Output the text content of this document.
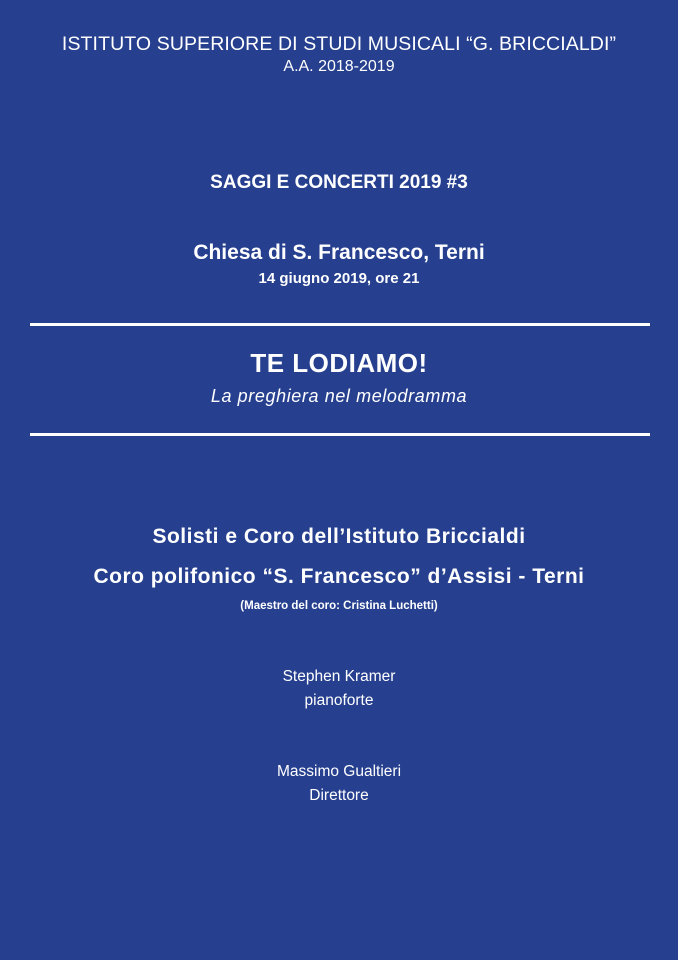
ISTITUTO SUPERIORE DI STUDI MUSICALI “G. BRICCIALDI”
A.A. 2018-2019
SAGGI E CONCERTI 2019 #3
Chiesa di S. Francesco, Terni
14 giugno 2019, ore 21
TE LODIAMO!
La preghiera nel melodramma
Solisti e Coro dell’Istituto Briccialdi
Coro polifonico “S. Francesco” d’Assisi - Terni
(Maestro del coro: Cristina Luchetti)
Stephen Kramer
pianoforte
Massimo Gualtieri
Direttore
